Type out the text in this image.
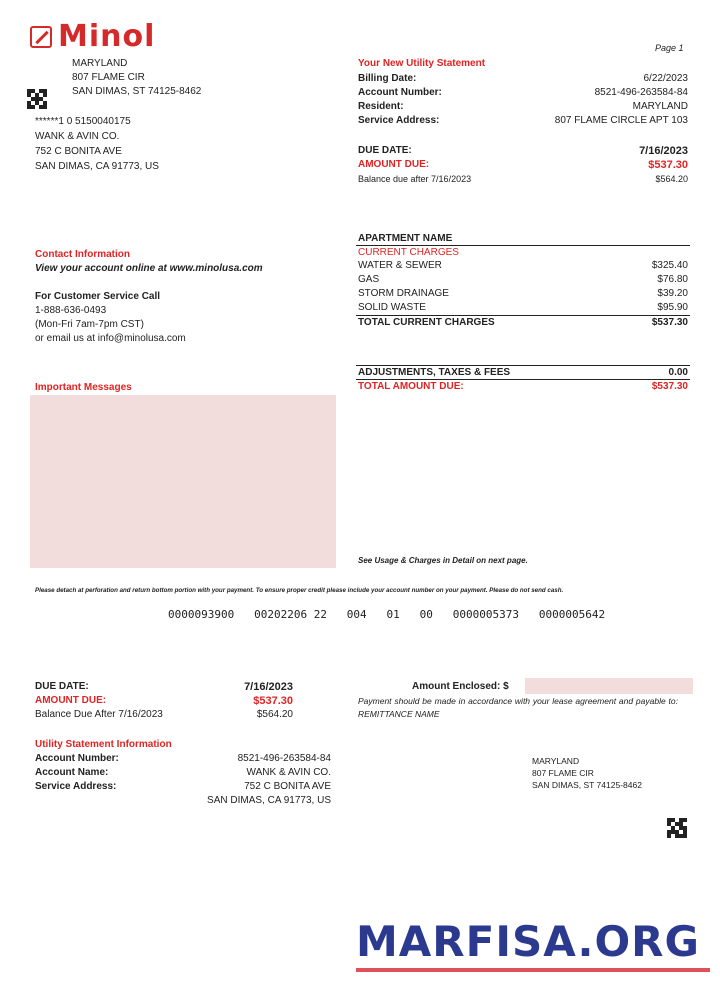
Minol	Page 1
MARYLAND
807 FLAME CIR
SAN DIMAS, ST 74125-8462
******1 0 5150040175
WANK & AVIN CO.
752 C BONITA AVE
SAN DIMAS, CA 91773, US
Your New Utility Statement
Billing Date:	6/22/2023
Account Number:	8521-496-263584-84
Resident:	MARYLAND
Service Address:	807 FLAME CIRCLE APT 103
DUE DATE:	7/16/2023
AMOUNT DUE:	$537.30
Balance due after 7/16/2023	$564.20
Contact Information
View your account online at www.minolusa.com
For Customer Service Call
1-888-636-0493
(Mon-Fri 7am-7pm CST)
or email us at info@minolusa.com
APARTMENT NAME
CURRENT CHARGES
WATER & SEWER	$325.40
GAS	$76.80
STORM DRAINAGE	$39.20
SOLID WASTE	$95.90
TOTAL CURRENT CHARGES	$537.30
ADJUSTMENTS, TAXES & FEES	0.00
TOTAL AMOUNT DUE:	$537.30
Important Messages
See Usage & Charges in Detail on next page.
Please detach at perforation and return bottom portion with your payment. To ensure proper credit please include your account number on your payment. Please do not send cash.
0000093900   00202206 22   004   01   00   0000005373   0000005642
DUE DATE:	7/16/2023
AMOUNT DUE:	$537.30
Balance Due After 7/16/2023	$564.20
Amount Enclosed: $
Payment should be made in accordance with your lease agreement and payable to: REMITTANCE NAME
Utility Statement Information
Account Number:	8521-496-263584-84
Account Name:	WANK & AVIN CO.
Service Address:	752 C BONITA AVE
SAN DIMAS, CA 91773, US
MARYLAND
807 FLAME CIR
SAN DIMAS, ST 74125-8462
MARFISA.ORG
